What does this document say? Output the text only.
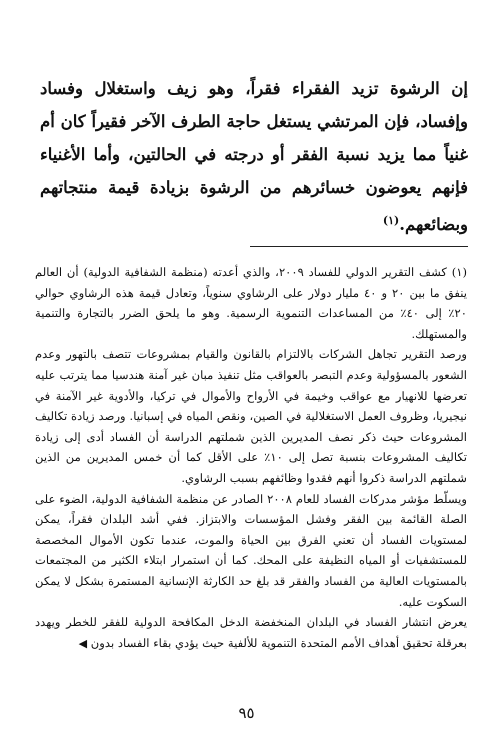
إن الرشوة تزيد الفقراء فقراً، وهو زيف واستغلال وفساد وإفساد، فإن المرتشي يستغل حاجة الطرف الآخر فقيراً كان أم غنياً مما يزيد نسبة الفقر أو درجته في الحالتين، وأما الأغنياء فإنهم يعوضون خسائرهم من الرشوة بزيادة قيمة منتجاتهم وبضائعهم.$^{(١)}$

(١) كشف التقرير الدولي للفساد ٢٠٠٩، والذي أعدته (منظمة الشفافية الدولية) أن العالم ينفق ما بين ٢٠ و ٤٠ مليار دولار على الرشاوي سنوياً، وتعادل قيمة هذه الرشاوي حوالي ٢٠٪ إلى ٤٠٪ من المساعدات التنموية الرسمية. وهو ما يلحق الضرر بالتجارة والتنمية والمستهلك.

ورصد التقرير تجاهل الشركات بالالتزام بالقانون والقيام بمشروعات تتصف بالتهور وعدم الشعور بالمسؤولية وعدم التبصر بالعواقب مثل تنفيذ مبان غير آمنة هندسيا مما يترتب عليه تعرضها للانهيار مع عواقب وخيمة في الأرواح والأموال في تركيا، والأدوية غير الآمنة في نيجيريا، وظروف العمل الاستغلالية في الصين، ونقص المياه في إسبانيا. ورصد زيادة تكاليف المشروعات حيث ذكر نصف المديرين الذين شملتهم الدراسة أن الفساد أدى إلى زيادة تكاليف المشروعات بنسبة تصل إلى ١٠٪ على الأقل كما أن خمس المديرين من الذين شملتهم الدراسة ذكروا أنهم فقدوا وظائفهم بسبب الرشاوي.

ويسلّط مؤشر مدركات الفساد للعام ٢٠٠٨ الصادر عن منظمة الشفافية الدولية، الضوء على الصلة القائمة بين الفقر وفشل المؤسسات والابتزاز. ففي أشد البلدان فقراً، يمكن لمستويات الفساد أن تعني الفرق بين الحياة والموت، عندما تكون الأموال المخصصة للمستشفيات أو المياه النظيفة على المحك. كما أن استمرار ابتلاء الكثير من المجتمعات بالمستويات العالية من الفساد والفقر قد بلغ حد الكارثة الإنسانية المستمرة بشكل لا يمكن السكوت عليه.

يعرض انتشار الفساد في البلدان المنخفضة الدخل المكافحة الدولية للفقر للخطر ويهدد بعرقلة تحقيق أهداف الأمم المتحدة التنموية للألفية حيث يؤدي بقاء الفساد بدون ◀

٩٥
